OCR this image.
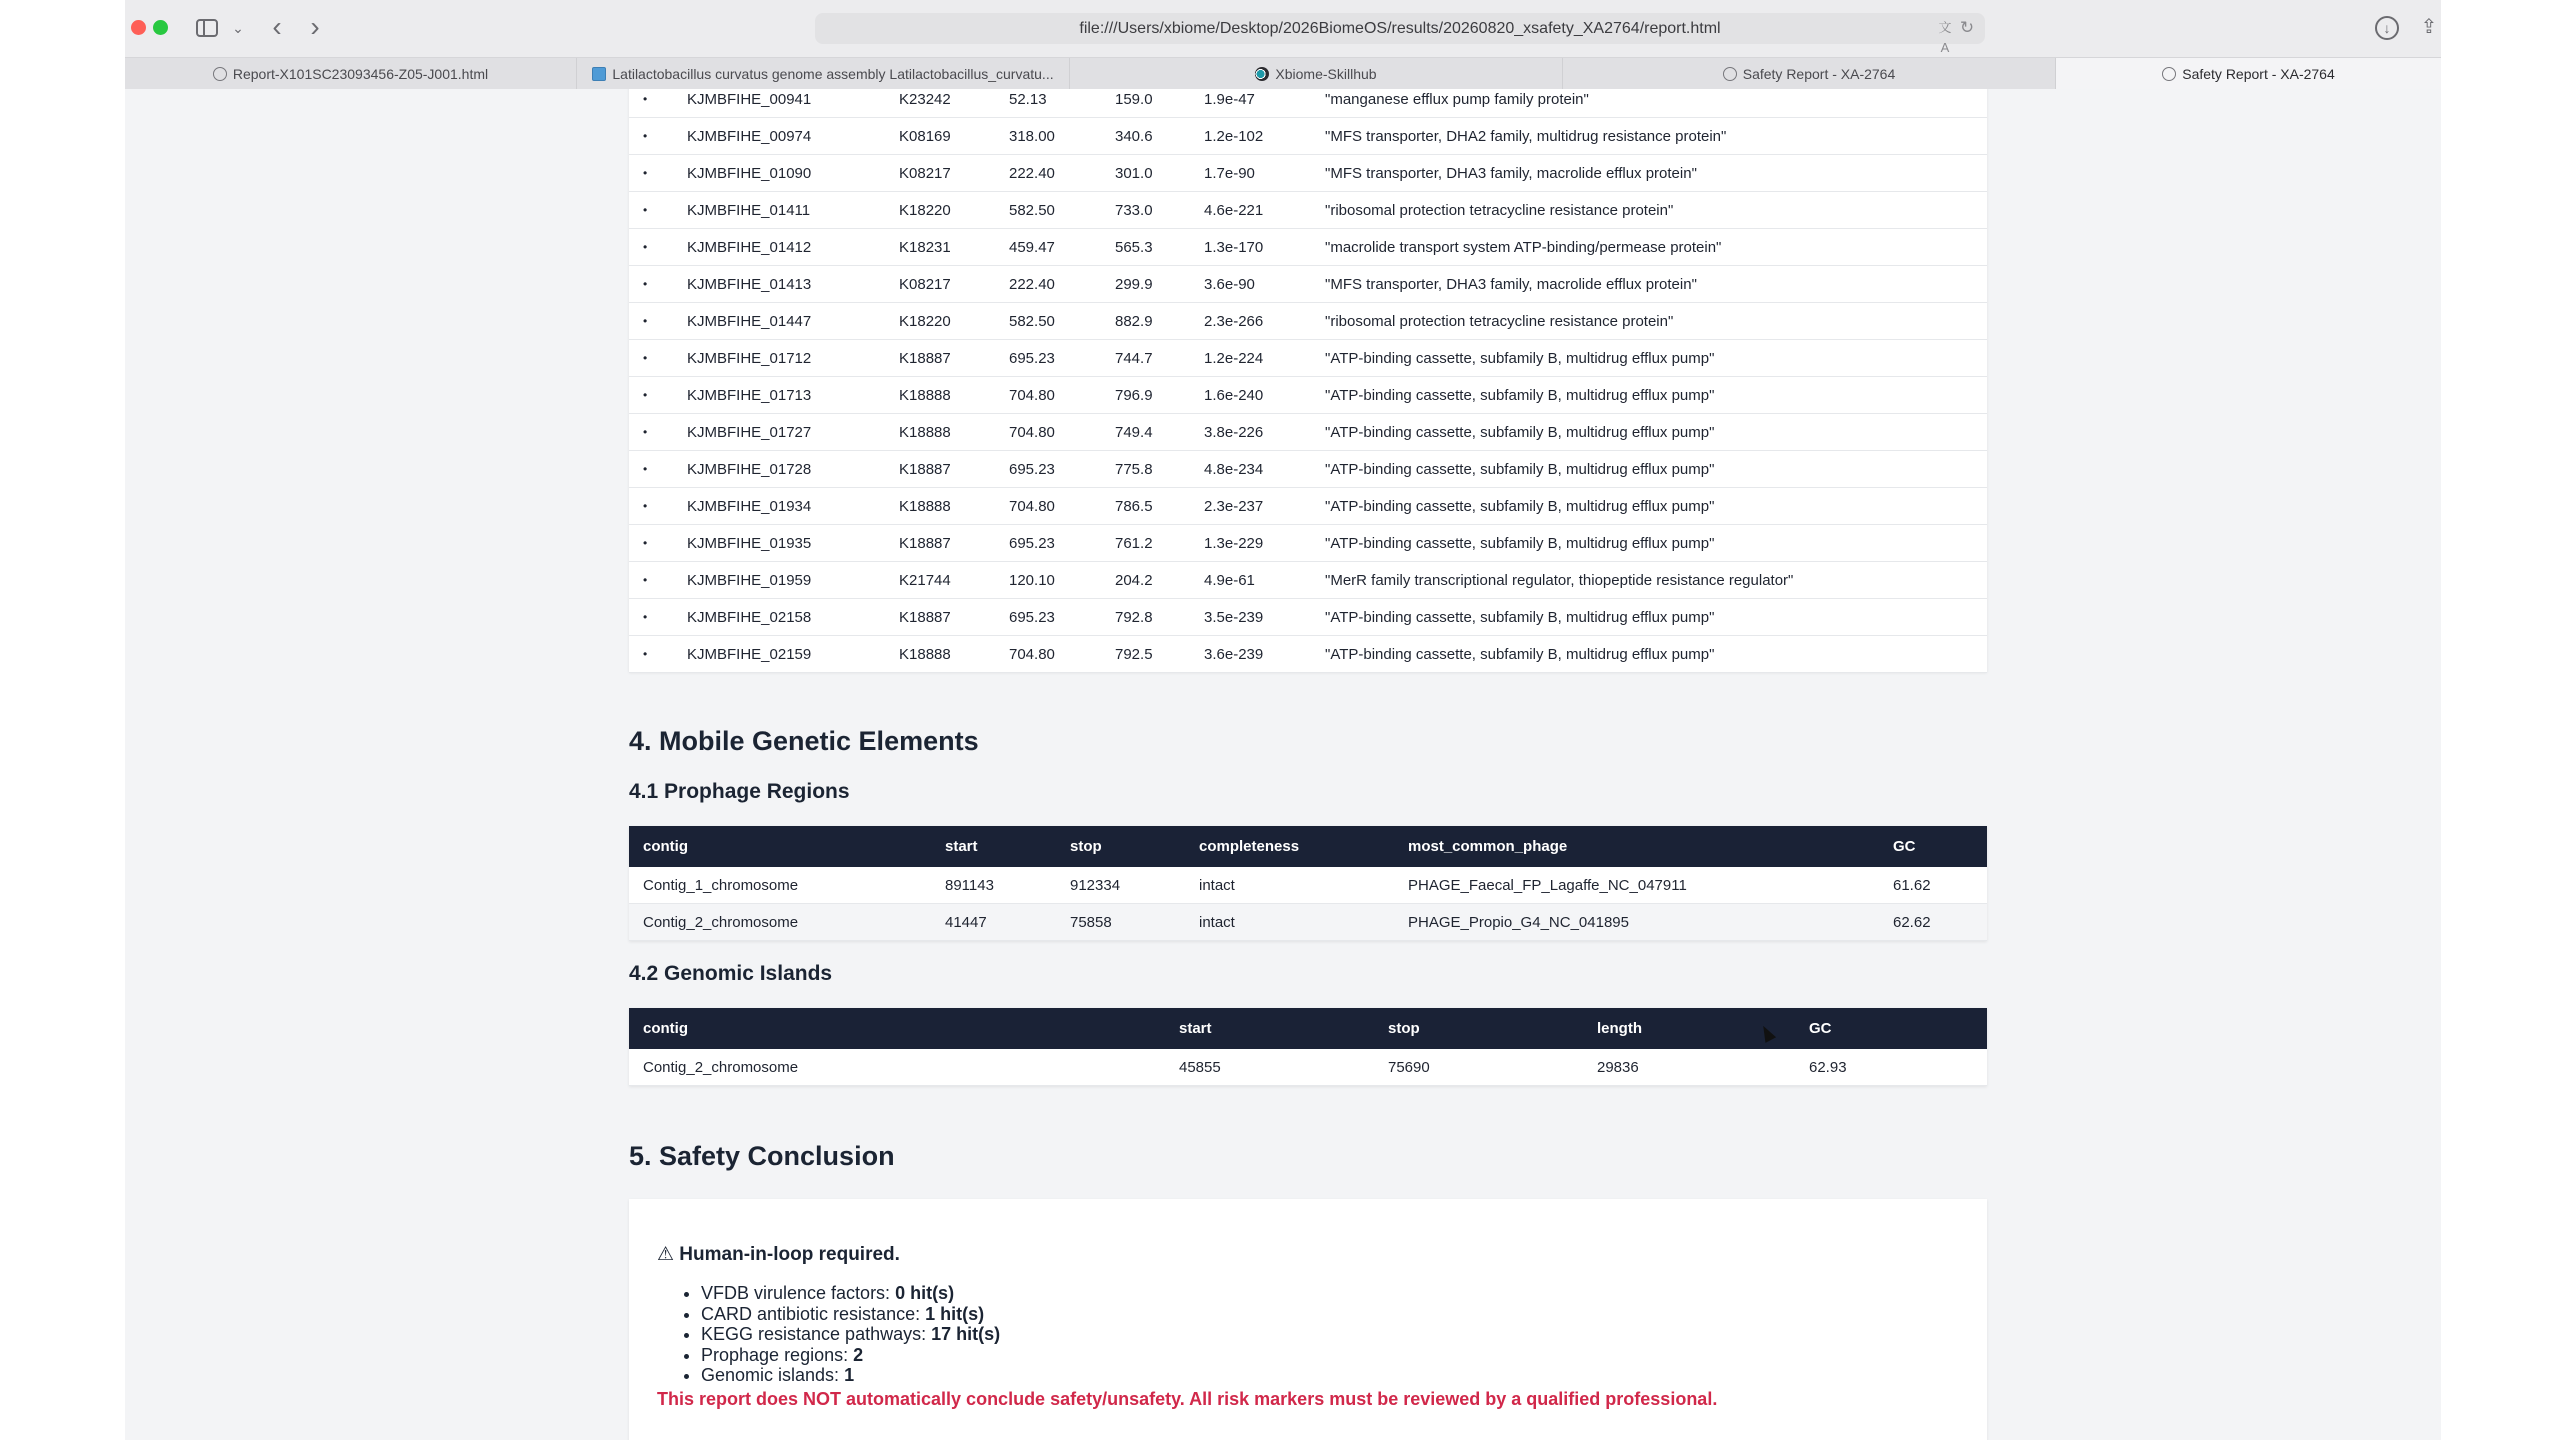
⌄ ‹ ›	file:///Users/xbiome/Desktop/2026BiomeOS/results/20260820_xsafety_XA2764/report.html	文A
↻	↓	⇪
Report-X101SC23093456-Z05-J001.html	Latilactobacillus curvatus genome assembly Latilactobacillus_curvatu...	Xbiome-Skillhub	Safety Report - XA-2764	Safety Report - XA-2764
•	KJMBFIHE_00941	K23242	52.13	159.0	1.9e-47	"manganese efflux pump family protein"
•	KJMBFIHE_00974	K08169	318.00	340.6	1.2e-102	"MFS transporter, DHA2 family, multidrug resistance protein"
•	KJMBFIHE_01090	K08217	222.40	301.0	1.7e-90	"MFS transporter, DHA3 family, macrolide efflux protein"
•	KJMBFIHE_01411	K18220	582.50	733.0	4.6e-221	"ribosomal protection tetracycline resistance protein"
•	KJMBFIHE_01412	K18231	459.47	565.3	1.3e-170	"macrolide transport system ATP-binding/permease protein"
•	KJMBFIHE_01413	K08217	222.40	299.9	3.6e-90	"MFS transporter, DHA3 family, macrolide efflux protein"
•	KJMBFIHE_01447	K18220	582.50	882.9	2.3e-266	"ribosomal protection tetracycline resistance protein"
•	KJMBFIHE_01712	K18887	695.23	744.7	1.2e-224	"ATP-binding cassette, subfamily B, multidrug efflux pump"
•	KJMBFIHE_01713	K18888	704.80	796.9	1.6e-240	"ATP-binding cassette, subfamily B, multidrug efflux pump"
•	KJMBFIHE_01727	K18888	704.80	749.4	3.8e-226	"ATP-binding cassette, subfamily B, multidrug efflux pump"
•	KJMBFIHE_01728	K18887	695.23	775.8	4.8e-234	"ATP-binding cassette, subfamily B, multidrug efflux pump"
•	KJMBFIHE_01934	K18888	704.80	786.5	2.3e-237	"ATP-binding cassette, subfamily B, multidrug efflux pump"
•	KJMBFIHE_01935	K18887	695.23	761.2	1.3e-229	"ATP-binding cassette, subfamily B, multidrug efflux pump"
•	KJMBFIHE_01959	K21744	120.10	204.2	4.9e-61	"MerR family transcriptional regulator, thiopeptide resistance regulator"
•	KJMBFIHE_02158	K18887	695.23	792.8	3.5e-239	"ATP-binding cassette, subfamily B, multidrug efflux pump"
•	KJMBFIHE_02159	K18888	704.80	792.5	3.6e-239	"ATP-binding cassette, subfamily B, multidrug efflux pump"
4. Mobile Genetic Elements
4.1 Prophage Regions
contig	start	stop	completeness	most_common_phage	GC
Contig_1_chromosome	891143	912334	intact	PHAGE_Faecal_FP_Lagaffe_NC_047911	61.62
Contig_2_chromosome	41447	75858	intact	PHAGE_Propio_G4_NC_041895	62.62
4.2 Genomic Islands
contig	start	stop	length	GC
Contig_2_chromosome	45855	75690	29836	62.93
5. Safety Conclusion
⚠ Human-in-loop required.
• VFDB virulence factors: 0 hit(s)
• CARD antibiotic resistance: 1 hit(s)
• KEGG resistance pathways: 17 hit(s)
• Prophage regions: 2
• Genomic islands: 1
This report does NOT automatically conclude safety/unsafety. All risk markers must be reviewed by a qualified professional.
